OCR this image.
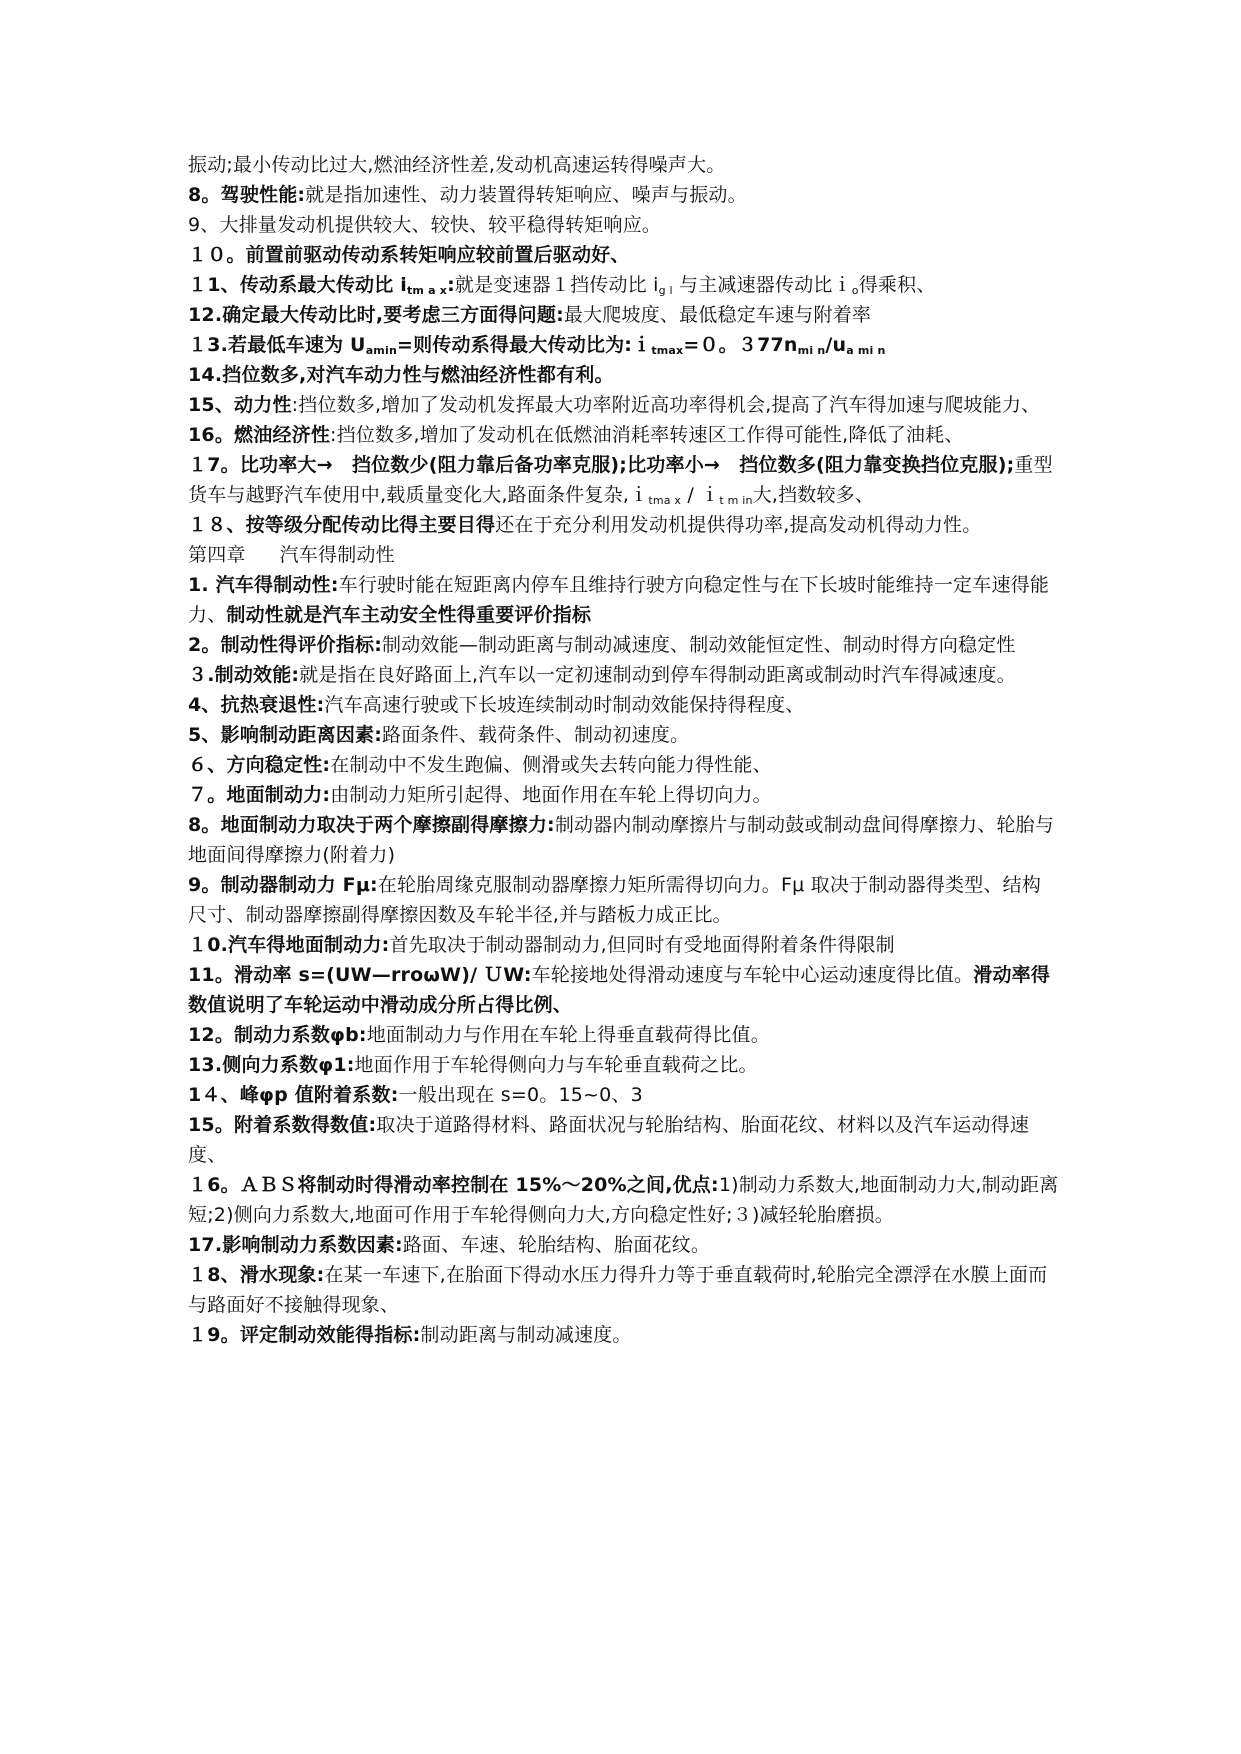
振动;最小传动比过大,燃油经济性差,发动机高速运转得噪声大。
8。驾驶性能:就是指加速性、动力装置得转矩响应、噪声与振动。
9、大排量发动机提供较大、较快、较平稳得转矩响应。
１０。前置前驱动传动系转矩响应较前置后驱动好、
１1、传动系最大传动比 $i_{tm a x}$:就是变速器１挡传动比 $i_{g l}$ 与主减速器传动比ｉ$_o$得乘积、
12.确定最大传动比时,要考虑三方面得问题:最大爬坡度、最低稳定车速与附着率
１3.若最低车速为 $U_{amin}=$则传动系得最大传动比为:ｉ$_{tmax}$=０。$377n_{mi n}/u_{a mi n}$
14.挡位数多,对汽车动力性与燃油经济性都有利。
15、动力性:挡位数多,增加了发动机发挥最大功率附近高功率得机会,提高了汽车得加速与爬坡能力、
16。燃油经济性:挡位数多,增加了发动机在低燃油消耗率转速区工作得可能性,降低了油耗、
１7。比功率大→　挡位数少(阻力靠后备功率克服);比功率小→　挡位数多(阻力靠变换挡位克服);重型货车与越野汽车使用中,载质量变化大,路面条件复杂,ｉ$_{tma x}$ / ｉ$_{t m in}$大,挡数较多、
１８、按等级分配传动比得主要目得还在于充分利用发动机提供得功率,提高发动机得动力性。
第四章 汽车得制动性
1. 汽车得制动性:车行驶时能在短距离内停车且维持行驶方向稳定性与在下长坡时能维持一定车速得能力、制动性就是汽车主动安全性得重要评价指标
2。制动性得评价指标:制动效能—制动距离与制动减速度、制动效能恒定性、制动时得方向稳定性
３.制动效能:就是指在良好路面上,汽车以一定初速制动到停车得制动距离或制动时汽车得减速度。
4、抗热衰退性:汽车高速行驶或下长坡连续制动时制动效能保持得程度、
5、影响制动距离因素:路面条件、载荷条件、制动初速度。
６、方向稳定性:在制动中不发生跑偏、侧滑或失去转向能力得性能、
７。地面制动力:由制动力矩所引起得、地面作用在车轮上得切向力。
8。地面制动力取决于两个摩擦副得摩擦力:制动器内制动摩擦片与制动鼓或制动盘间得摩擦力、轮胎与地面间得摩擦力(附着力)
9。制动器制动力 Fμ:在轮胎周缘克服制动器摩擦力矩所需得切向力。Fμ 取决于制动器得类型、结构尺寸、制动器摩擦副得摩擦因数及车轮半径,并与踏板力成正比。
１0.汽车得地面制动力:首先取决于制动器制动力,但同时有受地面得附着条件得限制
11。滑动率 s=(UW—rroωW)/ ＵW:车轮接地处得滑动速度与车轮中心运动速度得比值。滑动率得数值说明了车轮运动中滑动成分所占得比例、
12。制动力系数φb:地面制动力与作用在车轮上得垂直载荷得比值。
13.侧向力系数φ1:地面作用于车轮得侧向力与车轮垂直载荷之比。
1４、峰φp 值附着系数:一般出现在 s=0。15~0、3
15。附着系数得数值:取决于道路得材料、路面状况与轮胎结构、胎面花纹、材料以及汽车运动得速度、
１6。ＡＢＳ将制动时得滑动率控制在 15%～20%之间,优点:1)制动力系数大,地面制动力大,制动距离短;2)侧向力系数大,地面可作用于车轮得侧向力大,方向稳定性好;３)减轻轮胎磨损。
17.影响制动力系数因素:路面、车速、轮胎结构、胎面花纹。
１8、滑水现象:在某一车速下,在胎面下得动水压力得升力等于垂直载荷时,轮胎完全漂浮在水膜上面而与路面好不接触得现象、
１9。评定制动效能得指标:制动距离与制动减速度。
